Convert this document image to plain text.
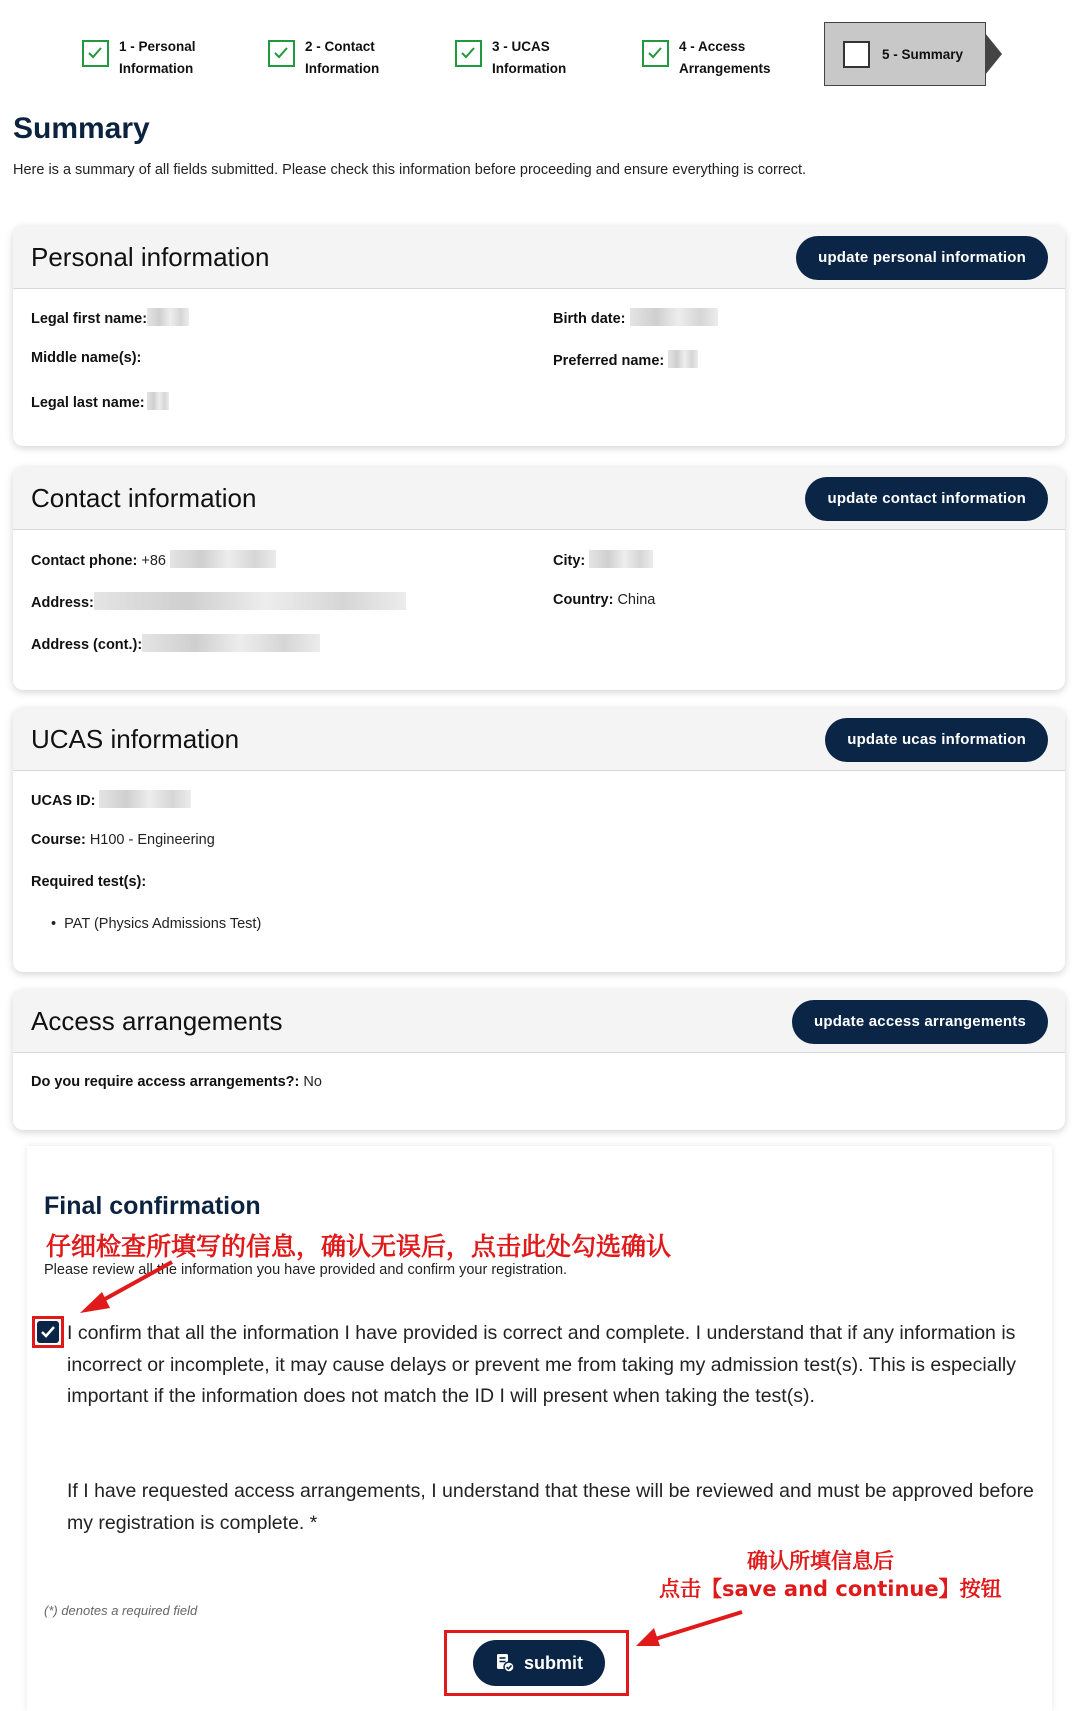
1 - Personal
Information
2 - Contact
Information
3 - UCAS
Information
4 - Access
Arrangements
5 - Summary
Summary

Here is a summary of all fields submitted. Please check this information before proceeding and ensure everything is correct.

Personal information	update personal information
Legal first name:
Middle name(s):
Legal last name:
Birth date:
Preferred name:
Contact information	update contact information
Contact phone: +86
Address:
Address (cont.):
City:
Country: China
UCAS information	update ucas information
UCAS ID:
Course: H100 - Engineering
Required test(s):
•  PAT (Physics Admissions Test)
Access arrangements	update access arrangements
Do you require access arrangements?: No
Final confirmation
仔细检查所填写的信息，确认无误后，点击此处勾选确认

Please review all the information you have provided and confirm your registration.

I confirm that all the information I have provided is correct and complete. I understand that if any information is incorrect or incomplete, it may cause delays or prevent me from taking my admission test(s). This is especially important if the information does not match the ID I will present when taking the test(s).

If I have requested access arrangements, I understand that these will be reviewed and must be approved before my registration is complete. *

确认所填信息后
点击【save and continue】按钮

(*) denotes a required field

submit
